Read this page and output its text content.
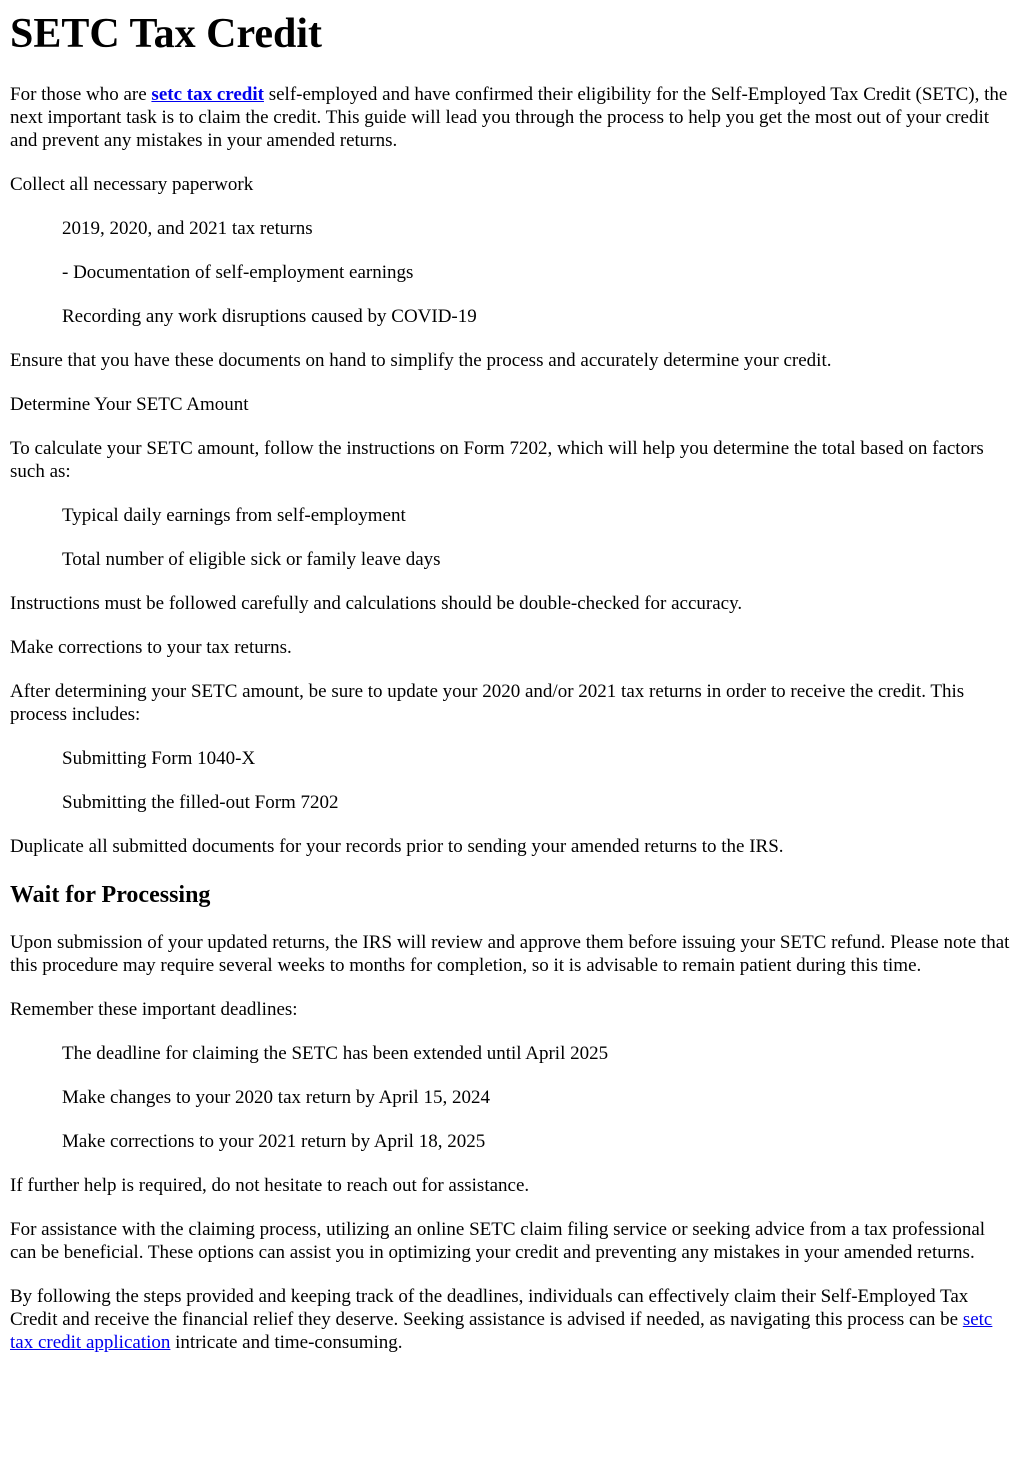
SETC Tax Credit

For those who are setc tax credit self-employed and have confirmed their eligibility for the Self-Employed Tax Credit (SETC), the next important task is to claim the credit. This guide will lead you through the process to help you get the most out of your credit and prevent any mistakes in your amended returns.

Collect all necessary paperwork

2019, 2020, and 2021 tax returns

- Documentation of self-employment earnings

Recording any work disruptions caused by COVID-19

Ensure that you have these documents on hand to simplify the process and accurately determine your credit.

Determine Your SETC Amount

To calculate your SETC amount, follow the instructions on Form 7202, which will help you determine the total based on factors such as:

Typical daily earnings from self-employment

Total number of eligible sick or family leave days

Instructions must be followed carefully and calculations should be double-checked for accuracy.

Make corrections to your tax returns.

After determining your SETC amount, be sure to update your 2020 and/or 2021 tax returns in order to receive the credit. This process includes:

Submitting Form 1040-X

Submitting the filled-out Form 7202

Duplicate all submitted documents for your records prior to sending your amended returns to the IRS.

Wait for Processing

Upon submission of your updated returns, the IRS will review and approve them before issuing your SETC refund. Please note that this procedure may require several weeks to months for completion, so it is advisable to remain patient during this time.

Remember these important deadlines:

The deadline for claiming the SETC has been extended until April 2025

Make changes to your 2020 tax return by April 15, 2024

Make corrections to your 2021 return by April 18, 2025

If further help is required, do not hesitate to reach out for assistance.

For assistance with the claiming process, utilizing an online SETC claim filing service or seeking advice from a tax professional can be beneficial. These options can assist you in optimizing your credit and preventing any mistakes in your amended returns.

By following the steps provided and keeping track of the deadlines, individuals can effectively claim their Self-Employed Tax Credit and receive the financial relief they deserve. Seeking assistance is advised if needed, as navigating this process can be setc tax credit application intricate and time-consuming.
